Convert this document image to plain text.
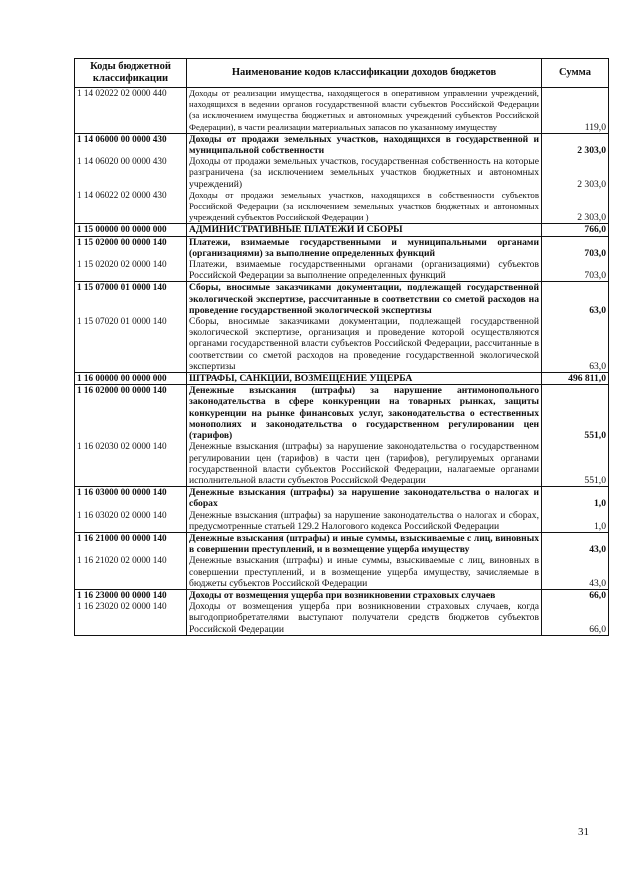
Коды бюджетной классификации	Наименование кодов классификации доходов бюджетов	Сумма
1 14 02022 02 0000 440	Доходы от реализации имущества, находящегося в оперативном управлении учреждений, находящихся в ведении органов государственной власти субъектов Российской Федерации (за исключением имущества бюджетных и автономных учреждений субъектов Российской Федерации), в части реализации материальных запасов по указанному имуществу	119,0
1 14 06000 00 0000 430	Доходы от продажи земельных участков, находящихся в государственной и муниципальной собственности	2 303,0
1 14 06020 00 0000 430	Доходы от продажи земельных участков, государственная собственность на которые разграничена (за исключением земельных участков бюджетных и автономных учреждений)	2 303,0
1 14 06022 02 0000 430	Доходы от продажи земельных участков, находящихся в собственности субъектов Российской Федерации (за исключением земельных участков бюджетных и автономных учреждений субъектов Российской Федерации )	2 303,0
1 15 00000 00 0000 000	АДМИНИСТРАТИВНЫЕ ПЛАТЕЖИ И СБОРЫ	766,0
1 15 02000 00 0000 140	Платежи, взимаемые государственными и муниципальными органами (организациями) за выполнение определенных функций	703,0
1 15 02020 02 0000 140	Платежи, взимаемые государственными органами (организациями) субъектов Российской Федерации за выполнение определенных функций	703,0
1 15 07000 01 0000 140	Сборы, вносимые заказчиками документации, подлежащей государственной экологической экспертизе, рассчитанные в соответствии со сметой расходов на проведение государственной экологической экспертизы	63,0
1 15 07020 01 0000 140	Сборы, вносимые заказчиками документации, подлежащей государственной экологической экспертизе, организация и проведение которой осуществляются органами государственной власти субъектов Российской Федерации, рассчитанные в соответствии со сметой расходов на проведение государственной экологической экспертизы	63,0
1 16 00000 00 0000 000	ШТРАФЫ, САНКЦИИ, ВОЗМЕЩЕНИЕ УЩЕРБА	496 811,0
1 16 02000 00 0000 140	Денежные взыскания (штрафы) за нарушение антимонопольного законодательства в сфере конкуренции на товарных рынках, защиты конкуренции на рынке финансовых услуг, законодательства о естественных монополиях и законодательства о государственном регулировании цен (тарифов)	551,0
1 16 02030 02 0000 140	Денежные взыскания (штрафы) за нарушение законодательства о государственном регулировании цен (тарифов) в части цен (тарифов), регулируемых органами государственной власти субъектов Российской Федерации, налагаемые органами исполнительной власти субъектов Российской Федерации	551,0
1 16 03000 00 0000 140	Денежные взыскания (штрафы) за нарушение законодательства о налогах и сборах	1,0
1 16 03020 02 0000 140	Денежные взыскания (штрафы) за нарушение законодательства о налогах и сборах, предусмотренные статьей 129.2 Налогового кодекса Российской Федерации	1,0
1 16 21000 00 0000 140	Денежные взыскания (штрафы) и иные суммы, взыскиваемые с лиц, виновных в совершении преступлений, и в возмещение ущерба имуществу	43,0
1 16 21020 02 0000 140	Денежные взыскания (штрафы) и иные суммы, взыскиваемые с лиц, виновных в совершении преступлений, и в возмещение ущерба имуществу, зачисляемые в бюджеты субъектов Российской Федерации	43,0
1 16 23000 00 0000 140	Доходы от возмещения ущерба при возникновении страховых случаев	66,0
1 16 23020 02 0000 140	Доходы от возмещения ущерба при возникновении страховых случаев, когда выгодоприобретателями выступают получатели средств бюджетов субъектов Российской Федерации	66,0
31
